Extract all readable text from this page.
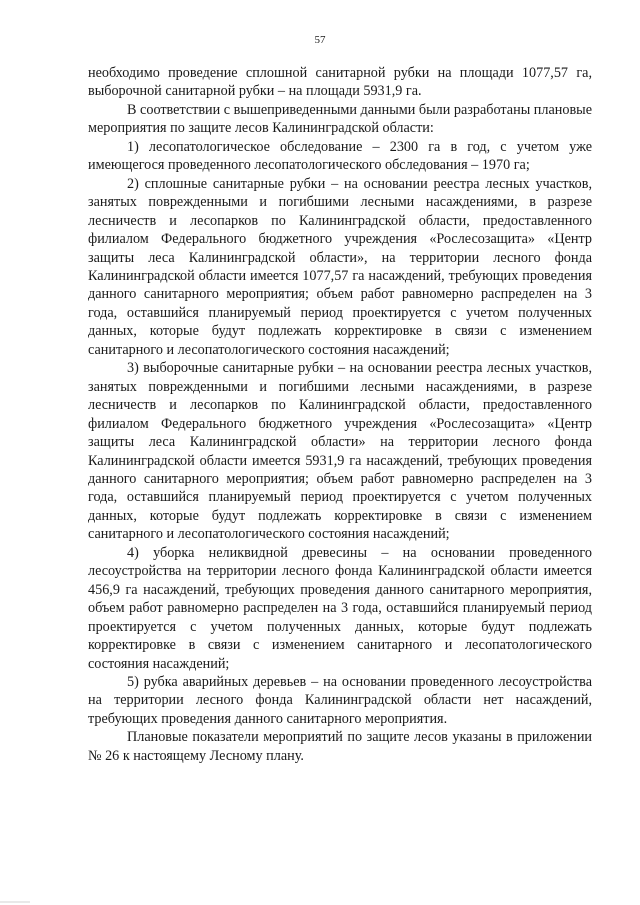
57

необходимо проведение сплошной санитарной рубки на площади 1077,57 га, выборочной санитарной рубки – на площади 5931,9 га.

В соответствии с вышеприведенными данными были разработаны плановые мероприятия по защите лесов Калининградской области:

1) лесопатологическое обследование – 2300 га в год, с учетом уже имеющегося проведенного лесопатологического обследования – 1970 га;

2) сплошные санитарные рубки – на основании реестра лесных участков, занятых поврежденными и погибшими лесными насаждениями, в разрезе лесничеств и лесопарков по Калининградской области, предоставленного филиалом Федерального бюджетного учреждения «Рослесозащита» «Центр защиты леса Калининградской области», на территории лесного фонда Калининградской области имеется 1077,57 га насаждений, требующих проведения данного санитарного мероприятия; объем работ равномерно распределен на 3 года, оставшийся планируемый период проектируется с учетом полученных данных, которые будут подлежать корректировке в связи с изменением санитарного и лесопатологического состояния насаждений;

3) выборочные санитарные рубки – на основании реестра лесных участков, занятых поврежденными и погибшими лесными насаждениями, в разрезе лесничеств и лесопарков по Калининградской области, предоставленного филиалом Федерального бюджетного учреждения «Рослесозащита» «Центр защиты леса Калининградской области» на территории лесного фонда Калининградской области имеется 5931,9 га насаждений, требующих проведения данного санитарного мероприятия; объем работ равномерно распределен на 3 года, оставшийся планируемый период проектируется с учетом полученных данных, которые будут подлежать корректировке в связи с изменением санитарного и лесопатологического состояния насаждений;

4) уборка неликвидной древесины – на основании проведенного лесоустройства на территории лесного фонда Калининградской области имеется 456,9 га насаждений, требующих проведения данного санитарного мероприятия, объем работ равномерно распределен на 3 года, оставшийся планируемый период проектируется с учетом полученных данных, которые будут подлежать корректировке в связи с изменением санитарного и лесопатологического состояния насаждений;

5) рубка аварийных деревьев – на основании проведенного лесоустройства на территории лесного фонда Калининградской области нет насаждений, требующих проведения данного санитарного мероприятия.

Плановые показатели мероприятий по защите лесов указаны в приложении № 26 к настоящему Лесному плану.
